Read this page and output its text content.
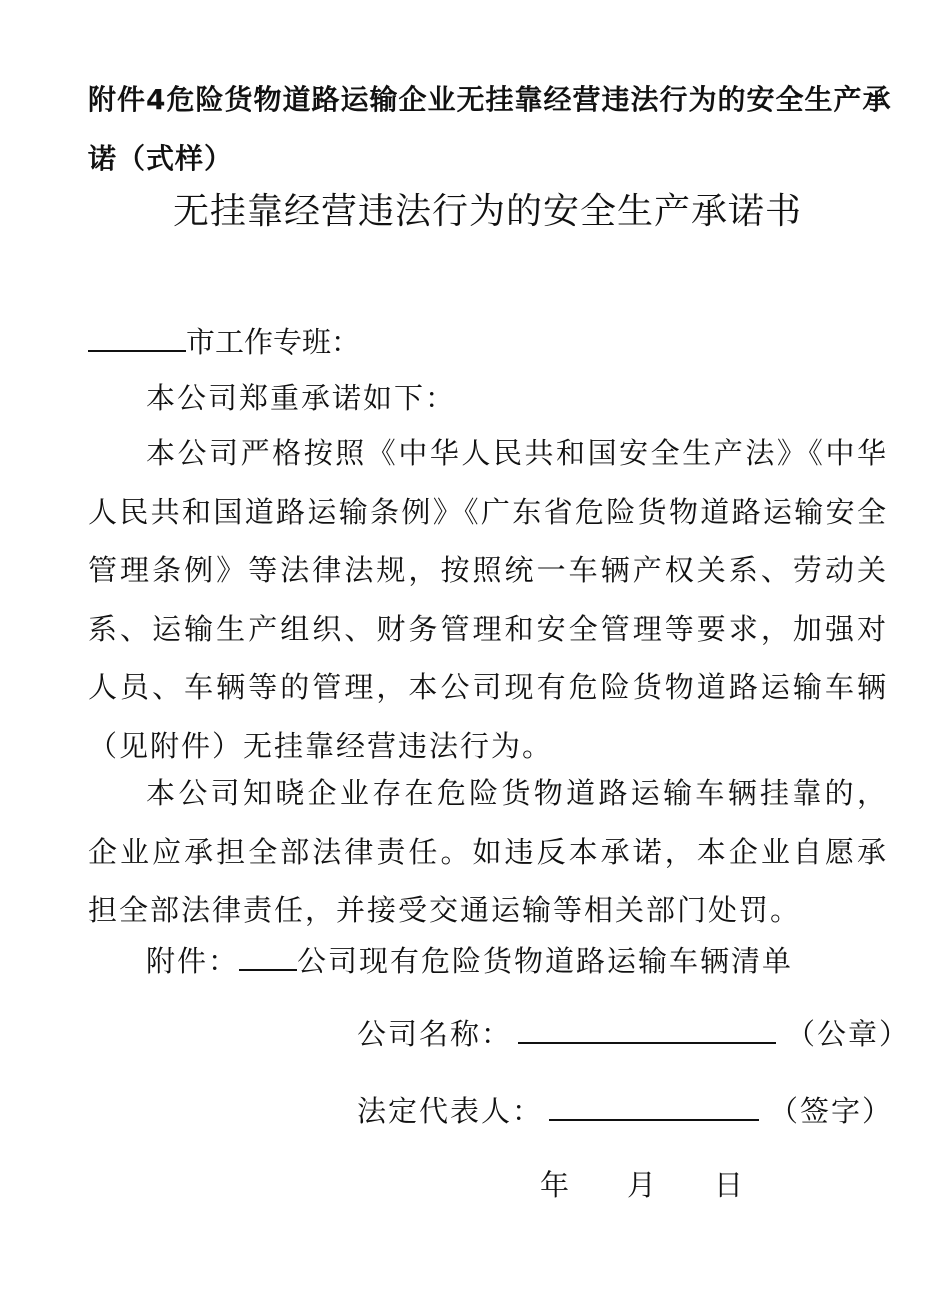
附件4危险货物道路运输企业无挂靠经营违法行为的安全生产承诺（式样）
无挂靠经营违法行为的安全生产承诺书
市工作专班：
本公司郑重承诺如下：

本公司严格按照《中华人民共和国安全生产法》《中华人民共和国道路运输条例》《广东省危险货物道路运输安全管理条例》等法律法规，按照统一车辆产权关系、劳动关系、运输生产组织、财务管理和安全管理等要求，加强对人员、车辆等的管理，本公司现有危险货物道路运输车辆（见附件）无挂靠经营违法行为。

本公司知晓企业存在危险货物道路运输车辆挂靠的，企业应承担全部法律责任。如违反本承诺，本企业自愿承担全部法律责任，并接受交通运输等相关部门处罚。

附件： 公司现有危险货物道路运输车辆清单
公司名称：	（公章）
法定代表人：	（签字）
年 月 日
